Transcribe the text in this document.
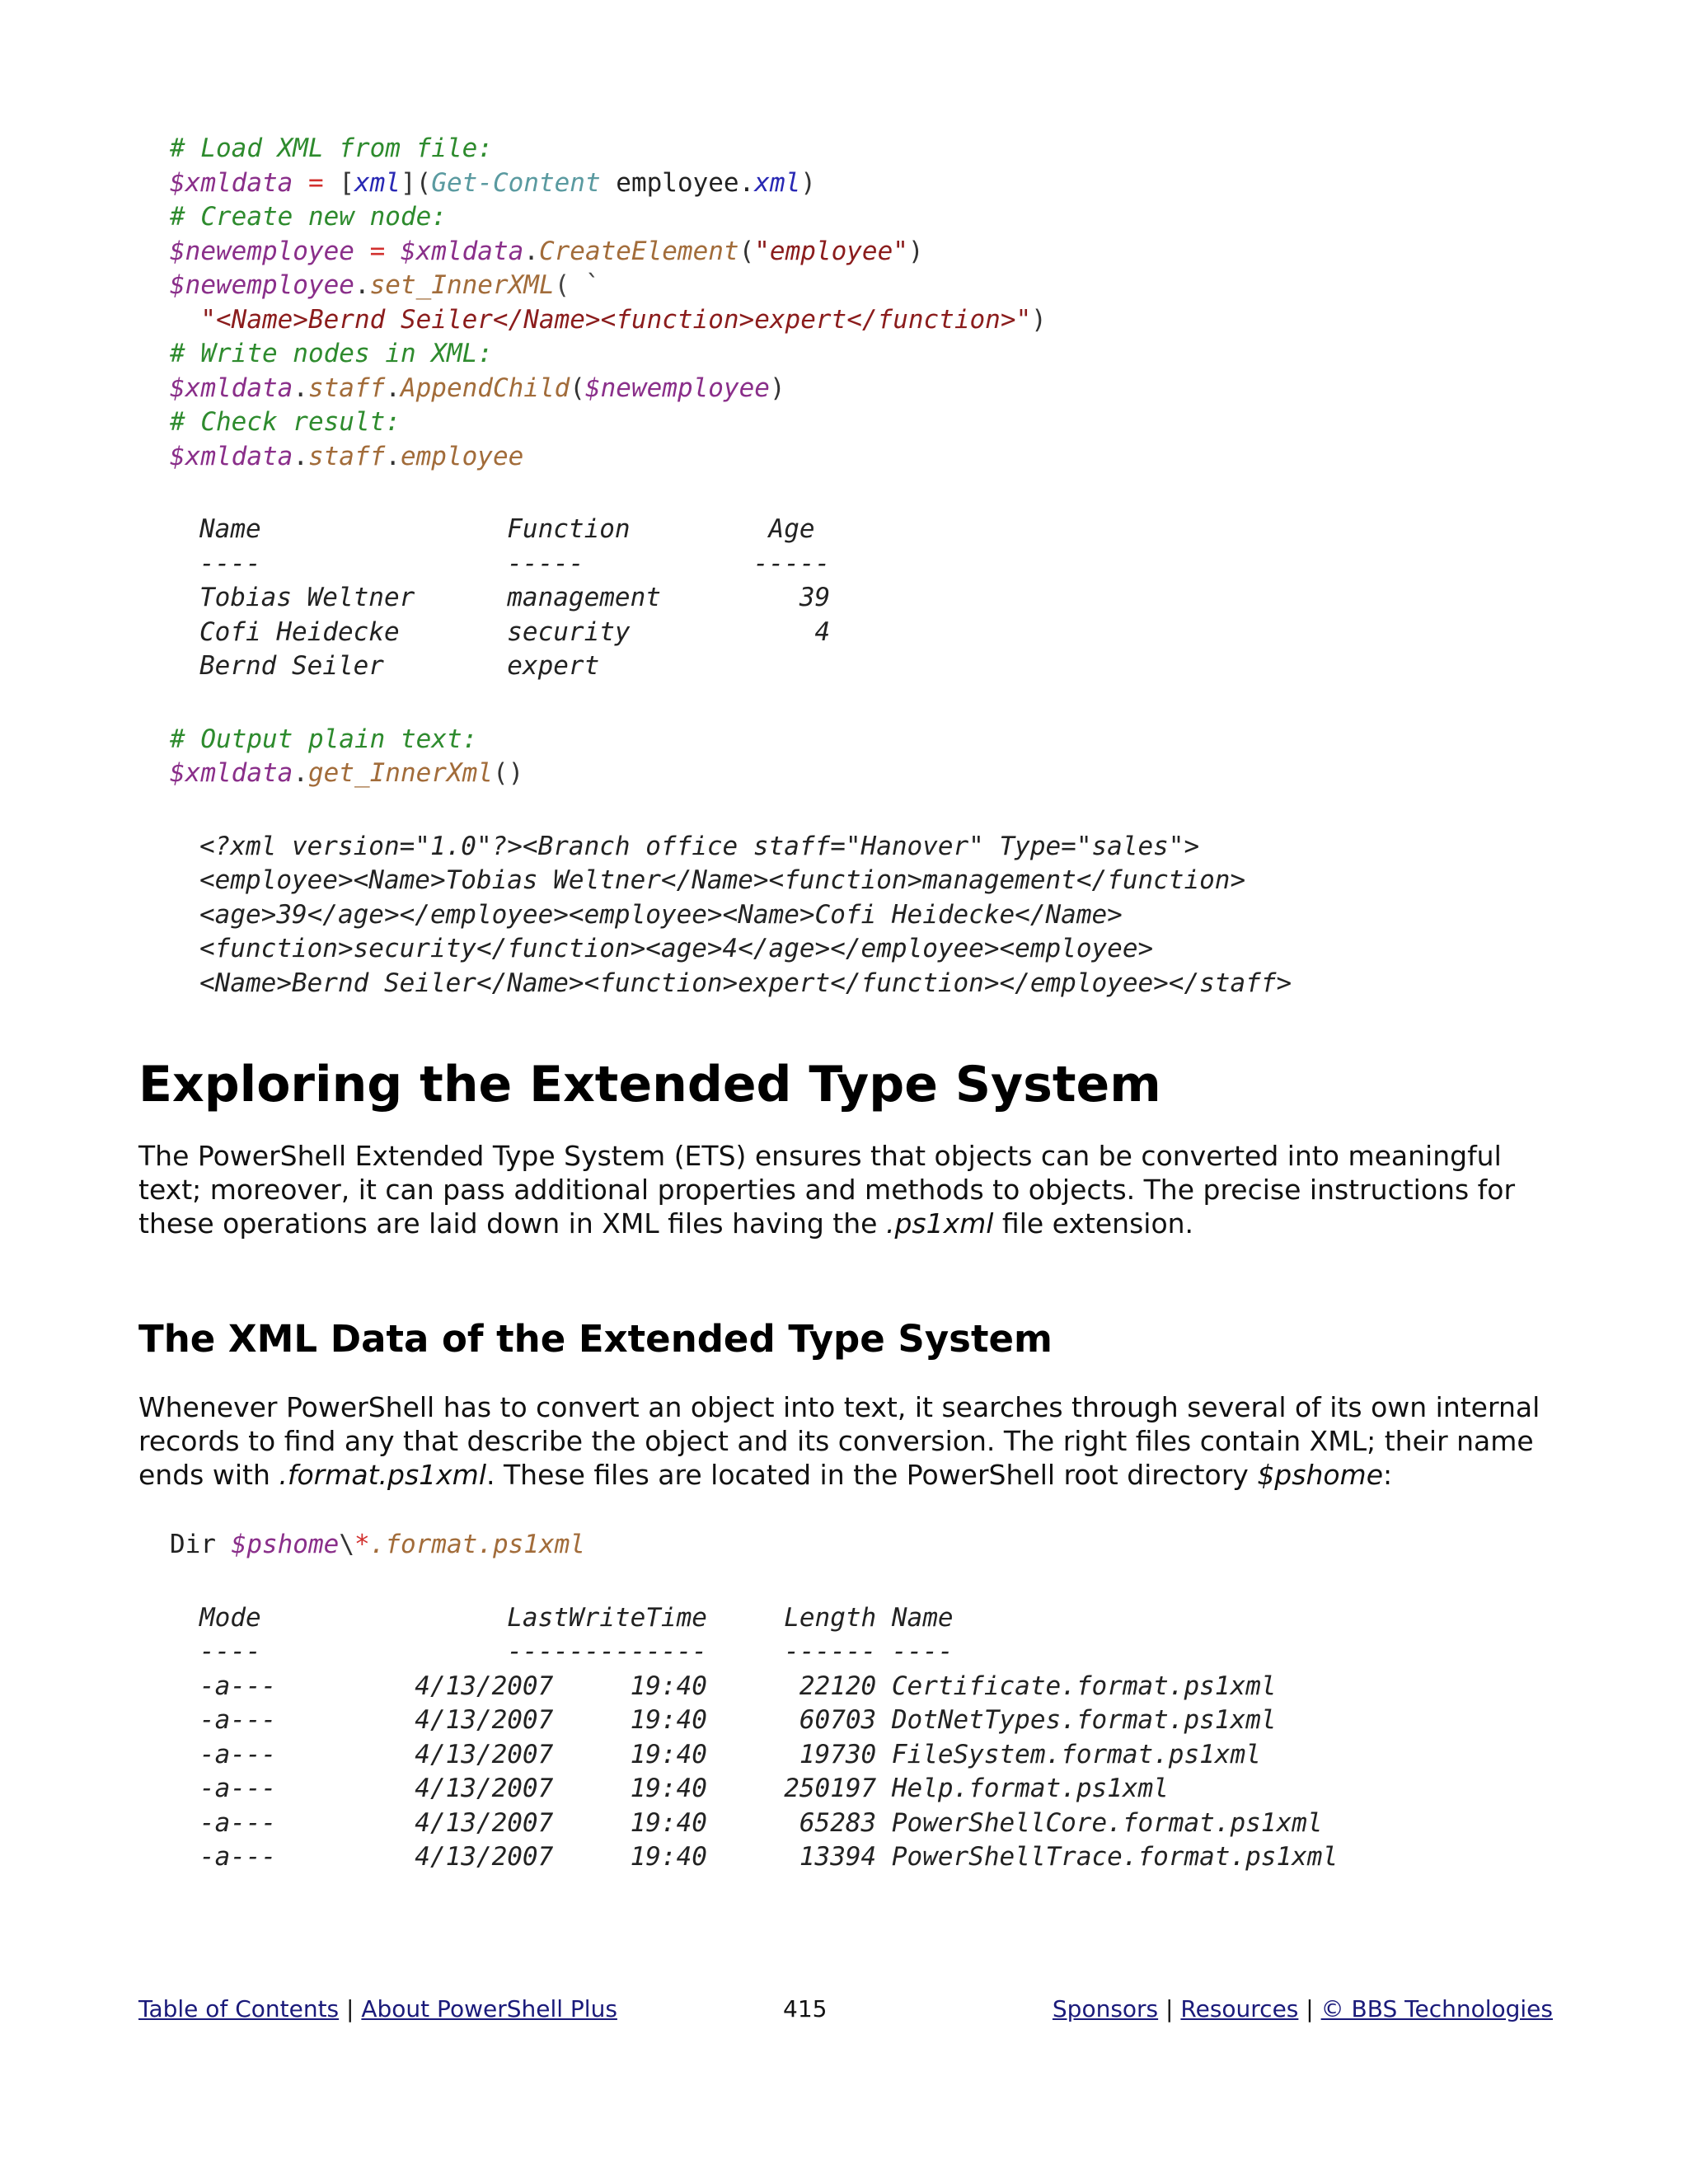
# Load XML from file:
$xmldata = [xml](Get-Content employee.xml)
# Create new node:
$newemployee = $xmldata.CreateElement("employee")
$newemployee.set_InnerXML( `
"<Name>Bernd Seiler</Name><function>expert</function>")
# Write nodes in XML:
$xmldata.staff.AppendChild($newemployee)
# Check result:
$xmldata.staff.employee
Name                Function         Age
----                -----           -----
Tobias Weltner      management         39
Cofi Heidecke       security            4
Bernd Seiler        expert
# Output plain text:
$xmldata.get_InnerXml()
<?xml version="1.0"?><Branch office staff="Hanover" Type="sales">
<employee><Name>Tobias Weltner</Name><function>management</function>
<age>39</age></employee><employee><Name>Cofi Heidecke</Name>
<function>security</function><age>4</age></employee><employee>
<Name>Bernd Seiler</Name><function>expert</function></employee></staff>
Exploring the Extended Type System

The PowerShell Extended Type System (ETS) ensures that objects can be converted into meaningful text; moreover, it can pass additional properties and methods to objects. The precise instructions for these operations are laid down in XML files having the .ps1xml file extension.

The XML Data of the Extended Type System

Whenever PowerShell has to convert an object into text, it searches through several of its own internal records to find any that describe the object and its conversion. The right files contain XML; their name ends with .format.ps1xml. These files are located in the PowerShell root directory $pshome:

Dir $pshome\*.format.ps1xml
Mode                LastWriteTime     Length Name
----                -------------     ------ ----
-a---         4/13/2007     19:40      22120 Certificate.format.ps1xml
-a---         4/13/2007     19:40      60703 DotNetTypes.format.ps1xml
-a---         4/13/2007     19:40      19730 FileSystem.format.ps1xml
-a---         4/13/2007     19:40     250197 Help.format.ps1xml
-a---         4/13/2007     19:40      65283 PowerShellCore.format.ps1xml
-a---         4/13/2007     19:40      13394 PowerShellTrace.format.ps1xml
Table of Contents | About PowerShell Plus	415	Sponsors | Resources | © BBS Technologies
